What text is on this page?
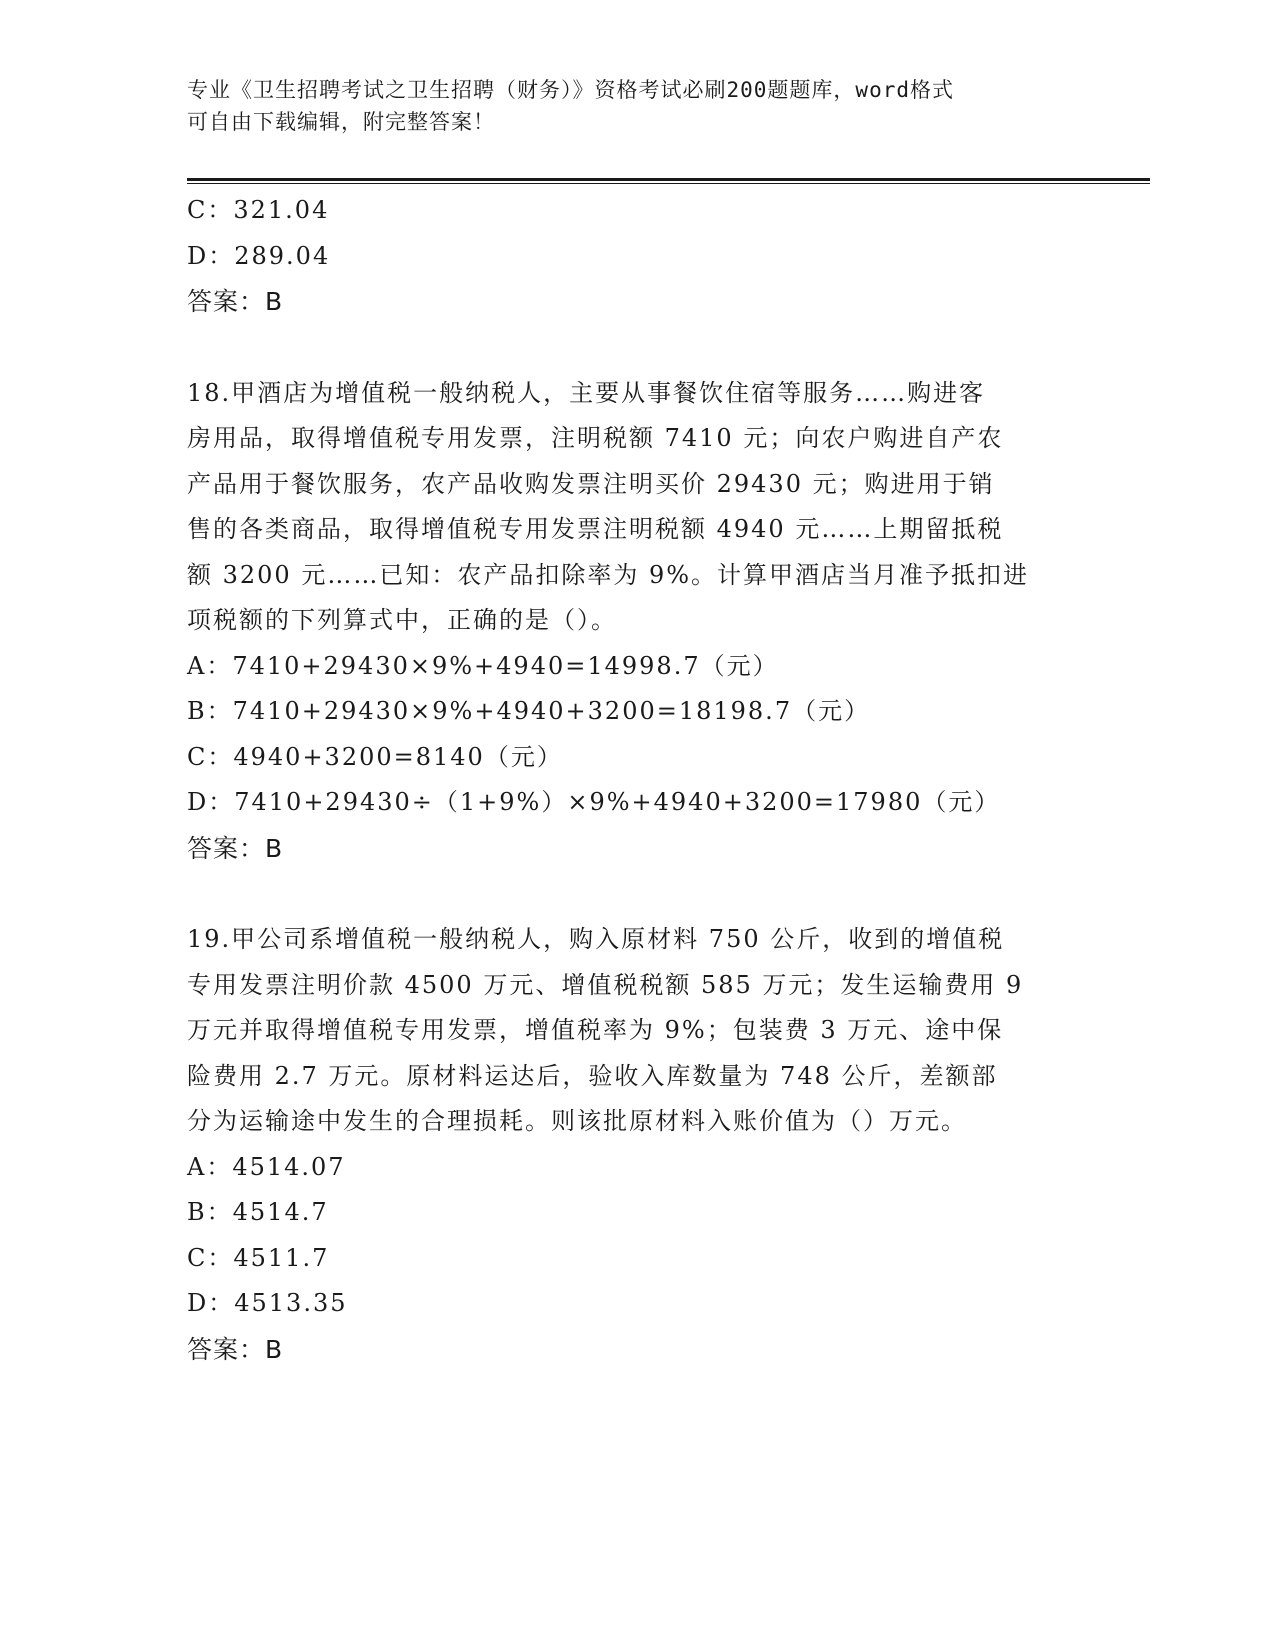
专业《卫生招聘考试之卫生招聘（财务）》资格考试必刷200题题库，word格式
可自由下载编辑，附完整答案！
C：321.04
D：289.04
答案：B
18.甲酒店为增值税一般纳税人，主要从事餐饮住宿等服务……购进客
房用品，取得增值税专用发票，注明税额 7410 元；向农户购进自产农
产品用于餐饮服务，农产品收购发票注明买价 29430 元；购进用于销
售的各类商品，取得增值税专用发票注明税额 4940 元……上期留抵税
额 3200 元……已知：农产品扣除率为 9%。计算甲酒店当月准予抵扣进
项税额的下列算式中，正确的是（）。
A：7410+29430×9%+4940=14998.7（元）
B：7410+29430×9%+4940+3200=18198.7（元）
C：4940+3200=8140（元）
D：7410+29430÷（1+9%）×9%+4940+3200=17980（元）
答案：B
19.甲公司系增值税一般纳税人，购入原材料 750 公斤，收到的增值税
专用发票注明价款 4500 万元、增值税税额 585 万元；发生运输费用 9
万元并取得增值税专用发票，增值税率为 9%；包装费 3 万元、途中保
险费用 2.7 万元。原材料运达后，验收入库数量为 748 公斤，差额部
分为运输途中发生的合理损耗。则该批原材料入账价值为（）万元。
A：4514.07
B：4514.7
C：4511.7
D：4513.35
答案：B
